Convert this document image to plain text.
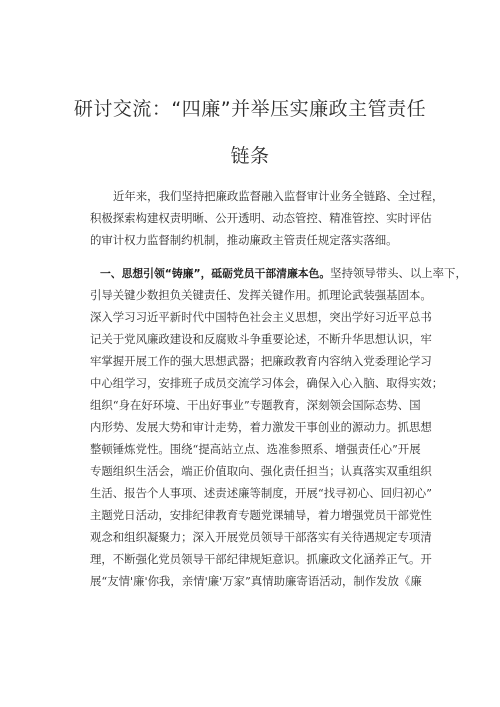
研讨交流：“四廉”并举压实廉政主管责任
链条
近年来，我们坚持把廉政监督融入监督审计业务全链路、全过程，
积极探索构建权责明晰、公开透明、动态管控、精准管控、实时评估
的审计权力监督制约机制，推动廉政主管责任规定落实落细。
一、思想引领“铸廉”，砥砺党员干部清廉本色。坚持领导带头、以上率下，
引导关键少数担负关键责任、发挥关键作用。抓理论武装强基固本。
深入学习习近平新时代中国特色社会主义思想，突出学好习近平总书
记关于党风廉政建设和反腐败斗争重要论述，不断升华思想认识，牢
牢掌握开展工作的强大思想武器；把廉政教育内容纳入党委理论学习
中心组学习，安排班子成员交流学习体会，确保入心入脑、取得实效；
组织“身在好环境、干出好事业”专题教育，深刻领会国际态势、国
内形势、发展大势和审计走势，着力激发干事创业的源动力。抓思想
整顿锤炼党性。围绕“提高站立点、选准参照系、增强责任心”开展
专题组织生活会，端正价值取向、强化责任担当；认真落实双重组织
生活、报告个人事项、述责述廉等制度，开展“找寻初心、回归初心”
主题党日活动，安排纪律教育专题党课辅导，着力增强党员干部党性
观念和组织凝聚力；深入开展党员领导干部落实有关待遇规定专项清
理，不断强化党员领导干部纪律规矩意识。抓廉政文化涵养正气。开
展“友情'廉'你我，亲情'廉'万家”真情助廉寄语活动，制作发放《廉
